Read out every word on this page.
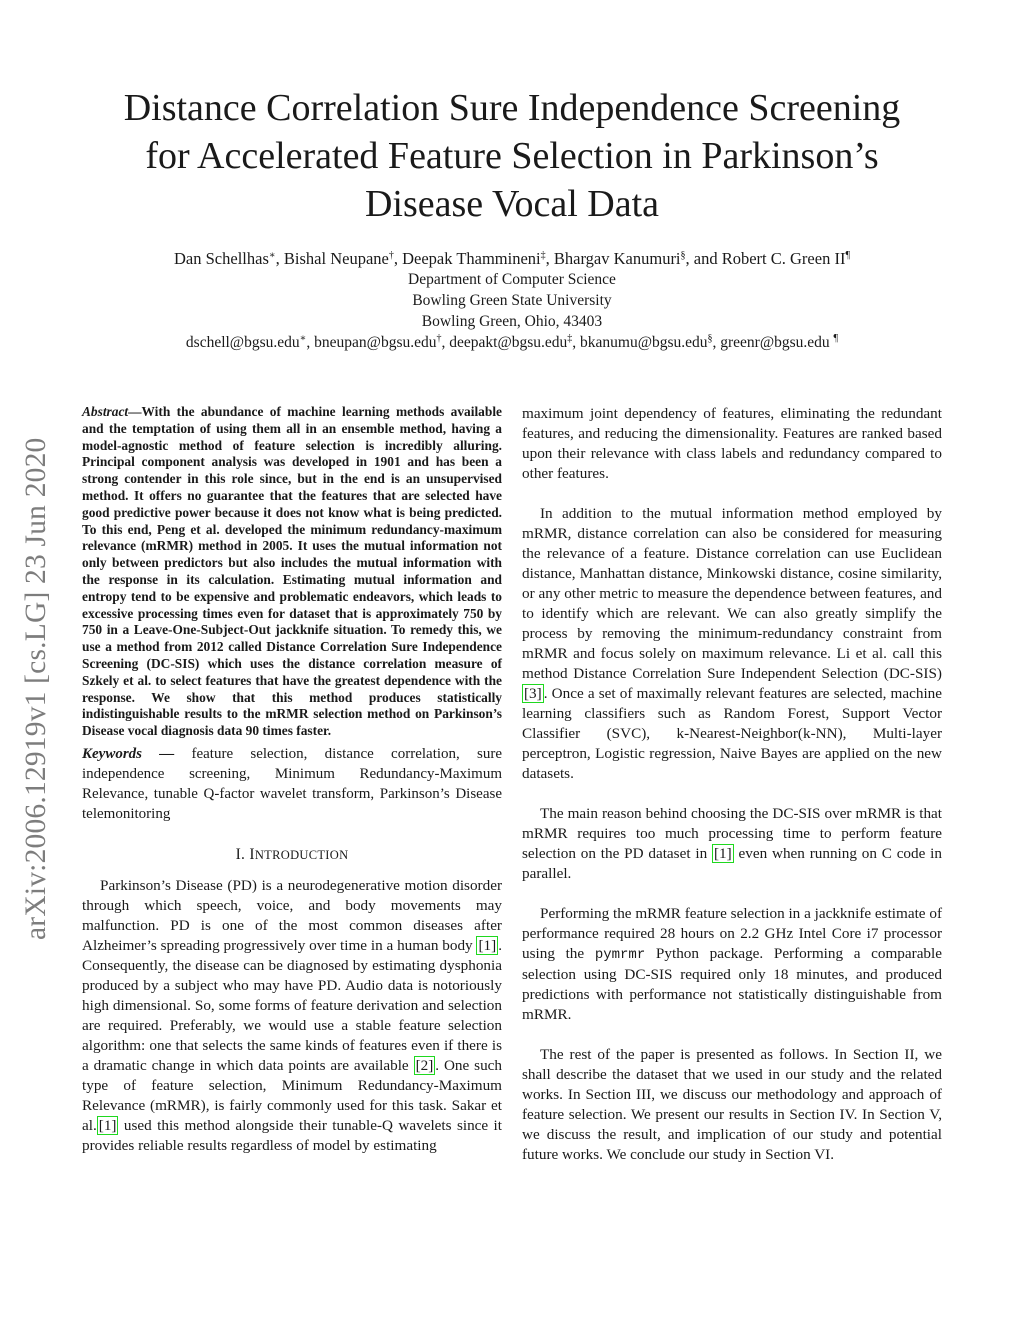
arXiv:2006.12919v1 [cs.LG] 23 Jun 2020
Distance Correlation Sure Independence Screening
for Accelerated Feature Selection in Parkinson’s
Disease Vocal Data
Dan Schellhas∗, Bishal Neupane†, Deepak Thammineni‡, Bhargav Kanumuri§, and Robert C. Green II¶
Department of Computer Science
Bowling Green State University
Bowling Green, Ohio, 43403
dschell@bgsu.edu∗, bneupan@bgsu.edu†, deepakt@bgsu.edu‡, bkanumu@bgsu.edu§, greenr@bgsu.edu ¶

Abstract—With the abundance of machine learning methods available and the temptation of using them all in an ensemble method, having a model-agnostic method of feature selection is incredibly alluring. Principal component analysis was developed in 1901 and has been a strong contender in this role since, but in the end is an unsupervised method. It offers no guarantee that the features that are selected have good predictive power because it does not know what is being predicted. To this end, Peng et al. developed the minimum redundancy-maximum relevance (mRMR) method in 2005. It uses the mutual information not only between predictors but also includes the mutual information with the response in its calculation. Estimating mutual information and entropy tend to be expensive and problematic endeavors, which leads to excessive processing times even for dataset that is approximately 750 by 750 in a Leave-One-Subject-Out jackknife situation. To remedy this, we use a method from 2012 called Distance Correlation Sure Independence Screening (DC-SIS) which uses the distance correlation measure of Szkely et al. to select features that have the greatest dependence with the response. We show that this method produces statistically indistinguishable results to the mRMR selection method on Parkinson’s Disease vocal diagnosis data 90 times faster.

Keywords — feature selection, distance correlation, sure independence screening, Minimum Redundancy-Maximum Relevance, tunable Q-factor wavelet transform, Parkinson’s Disease telemonitoring

I. INTRODUCTION

Parkinson’s Disease (PD) is a neurodegenerative motion disorder through which speech, voice, and body movements may malfunction. PD is one of the most common diseases after Alzheimer’s spreading progressively over time in a human body [1] . Consequently, the disease can be diagnosed by estimating dysphonia produced by a subject who may have PD. Audio data is notoriously high dimensional. So, some forms of feature derivation and selection are required. Preferably, we would use a stable feature selection algorithm: one that selects the same kinds of features even if there is a dramatic change in which data points are available [2] . One such type of feature selection, Minimum Redundancy-Maximum Relevance (mRMR), is fairly commonly used for this task. Sakar et al. [1] used this method alongside their tunable-Q wavelets since it provides reliable results regardless of model by estimating

maximum joint dependency of features, eliminating the redundant features, and reducing the dimensionality. Features are ranked based upon their relevance with class labels and redundancy compared to other features.

In addition to the mutual information method employed by mRMR, distance correlation can also be considered for measuring the relevance of a feature. Distance correlation can use Euclidean distance, Manhattan distance, Minkowski distance, cosine similarity, or any other metric to measure the dependence between features, and to identify which are relevant. We can also greatly simplify the process by removing the minimum-redundancy constraint from mRMR and focus solely on maximum relevance. Li et al. call this method Distance Correlation Sure Independent Selection (DC-SIS) [3] . Once a set of maximally relevant features are selected, machine learning classifiers such as Random Forest, Support Vector Classifier (SVC), k-Nearest-Neighbor(k-NN), Multi-layer perceptron, Logistic regression, Naive Bayes are applied on the new datasets.

The main reason behind choosing the DC-SIS over mRMR is that mRMR requires too much processing time to perform feature selection on the PD dataset in [1] even when running on C code in parallel.

Performing the mRMR feature selection in a jackknife estimate of performance required 28 hours on 2.2 GHz Intel Core i7 processor using the pymrmr Python package. Performing a comparable selection using DC-SIS required only 18 minutes, and produced predictions with performance not statistically distinguishable from mRMR.

The rest of the paper is presented as follows. In Section II, we shall describe the dataset that we used in our study and the related works. In Section III, we discuss our methodology and approach of feature selection. We present our results in Section IV. In Section V, we discuss the result, and implication of our study and potential future works. We conclude our study in Section VI.
